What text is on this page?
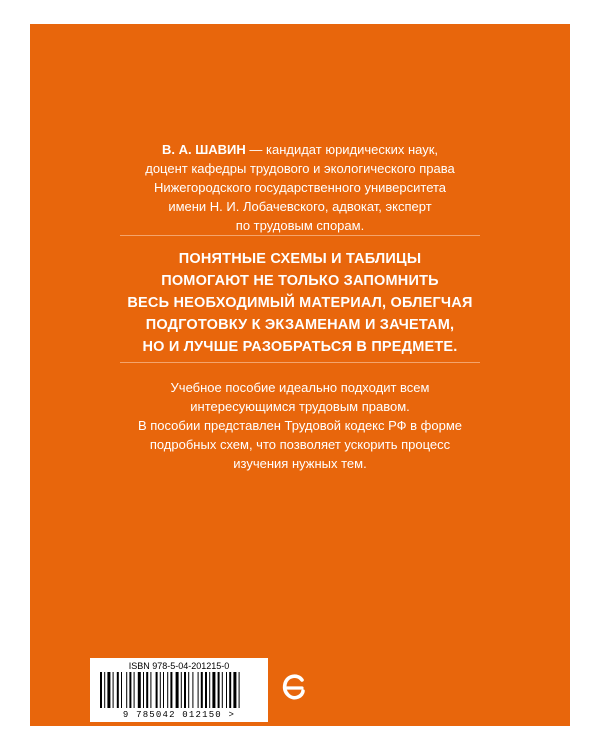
В. А. ШАВИН — кандидат юридических наук,
доцент кафедры трудового и экологического права
Нижегородского государственного университета
имени Н. И. Лобачевского, адвокат, эксперт
по трудовым спорам.
ПОНЯТНЫЕ СХЕМЫ И ТАБЛИЦЫ
ПОМОГАЮТ НЕ ТОЛЬКО ЗАПОМНИТЬ
ВЕСЬ НЕОБХОДИМЫЙ МАТЕРИАЛ, ОБЛЕГЧАЯ
ПОДГОТОВКУ К ЭКЗАМЕНАМ И ЗАЧЕТАМ,
НО И ЛУЧШЕ РАЗОБРАТЬСЯ В ПРЕДМЕТЕ.
Учебное пособие идеально подходит всем
интересующимся трудовым правом.
В пособии представлен Трудовой кодекс РФ в форме
подробных схем, что позволяет ускорить процесс
изучения нужных тем.
ISBN 978-5-04-201215-0
9 785042 012150 >
